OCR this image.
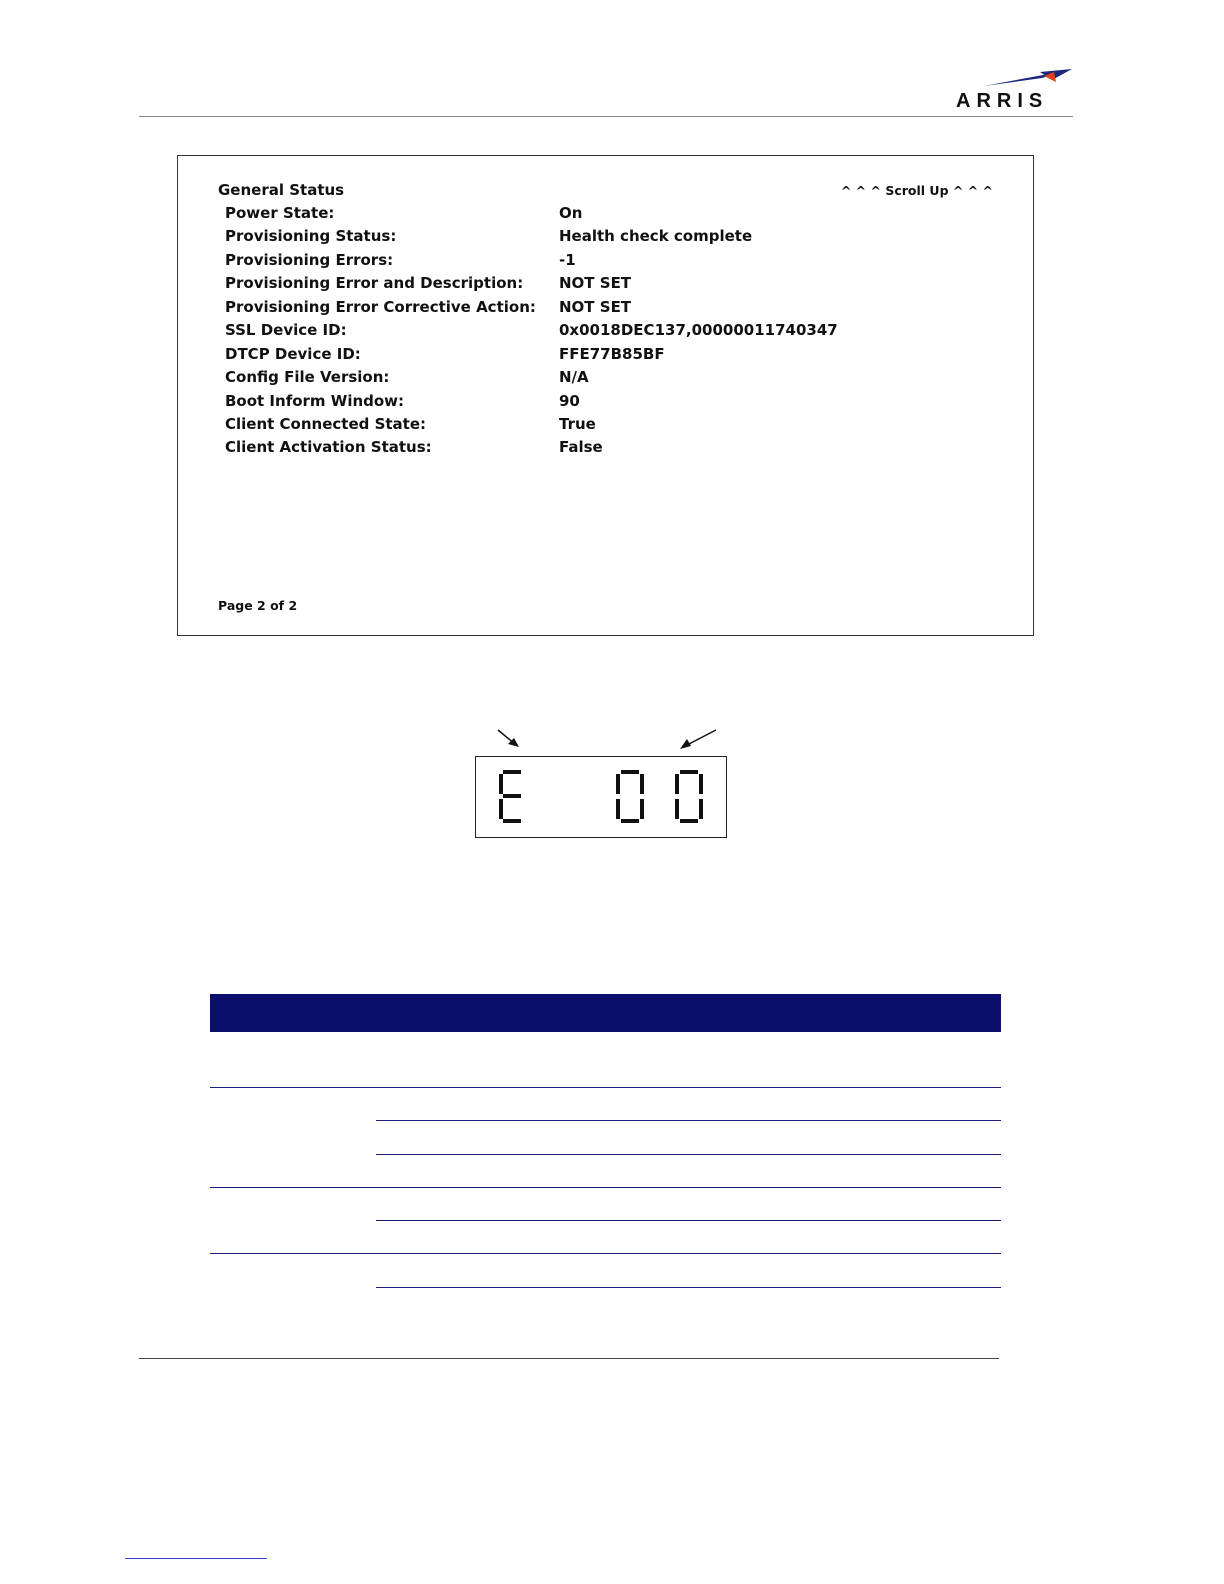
ARRIS
General Status	^ ^ ^ Scroll Up ^ ^ ^
Power State:	On
Provisioning Status:	Health check complete
Provisioning Errors:	-1
Provisioning Error and Description: NOT SET
Provisioning Error Corrective Action: NOT SET
SSL Device ID:	0x0018DEC137,00000011740347
DTCP Device ID:	FFE77B85BF
Config File Version:	N/A
Boot Inform Window:	90
Client Connected State:	True
Client Activation Status:	False
Page 2 of 2
